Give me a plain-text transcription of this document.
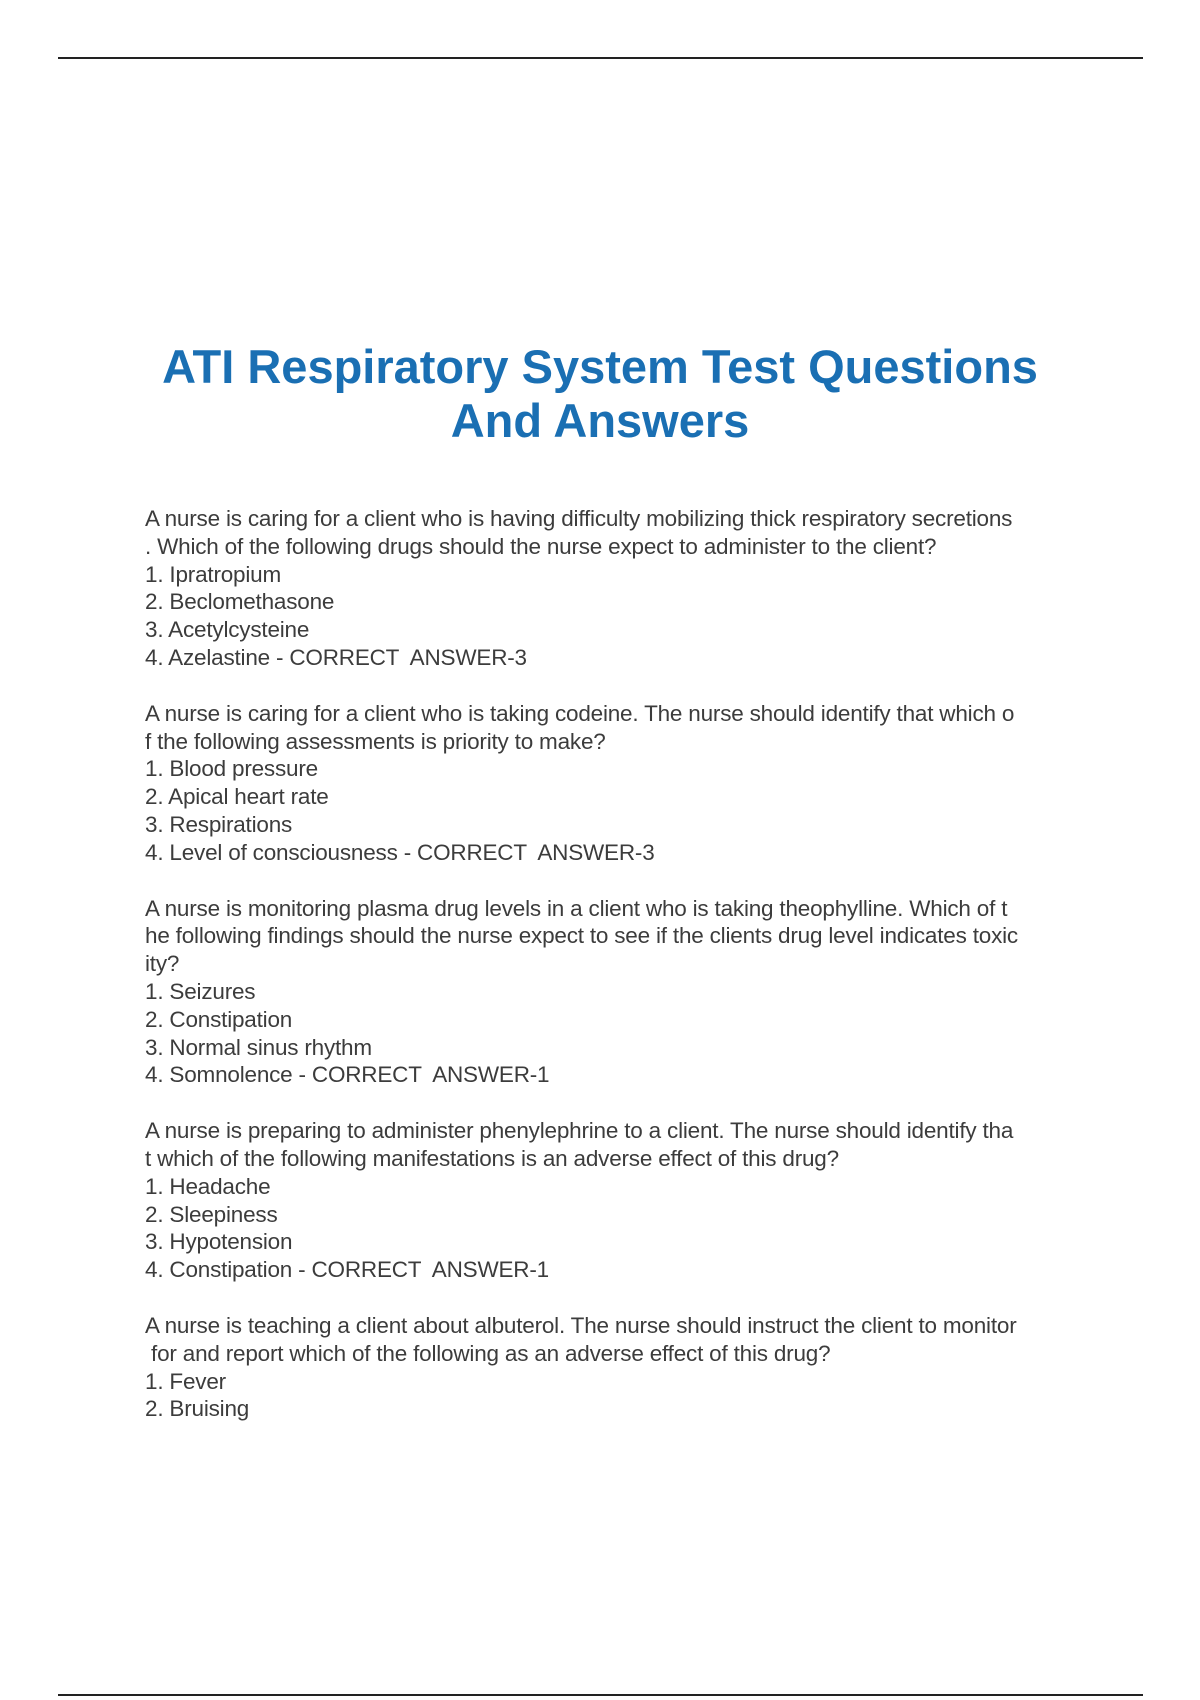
ATI Respiratory System Test Questions
And Answers
A nurse is caring for a client who is having difficulty mobilizing thick respiratory secretions
. Which of the following drugs should the nurse expect to administer to the client?
1. Ipratropium
2. Beclomethasone
3. Acetylcysteine
4. Azelastine - CORRECT  ANSWER-3
A nurse is caring for a client who is taking codeine. The nurse should identify that which o
f the following assessments is priority to make?
1. Blood pressure
2. Apical heart rate
3. Respirations
4. Level of consciousness - CORRECT  ANSWER-3
A nurse is monitoring plasma drug levels in a client who is taking theophylline. Which of t
he following findings should the nurse expect to see if the clients drug level indicates toxic
ity?
1. Seizures
2. Constipation
3. Normal sinus rhythm
4. Somnolence - CORRECT  ANSWER-1
A nurse is preparing to administer phenylephrine to a client. The nurse should identify tha
t which of the following manifestations is an adverse effect of this drug?
1. Headache
2. Sleepiness
3. Hypotension
4. Constipation - CORRECT  ANSWER-1
A nurse is teaching a client about albuterol. The nurse should instruct the client to monitor
for and report which of the following as an adverse effect of this drug?
1. Fever
2. Bruising
